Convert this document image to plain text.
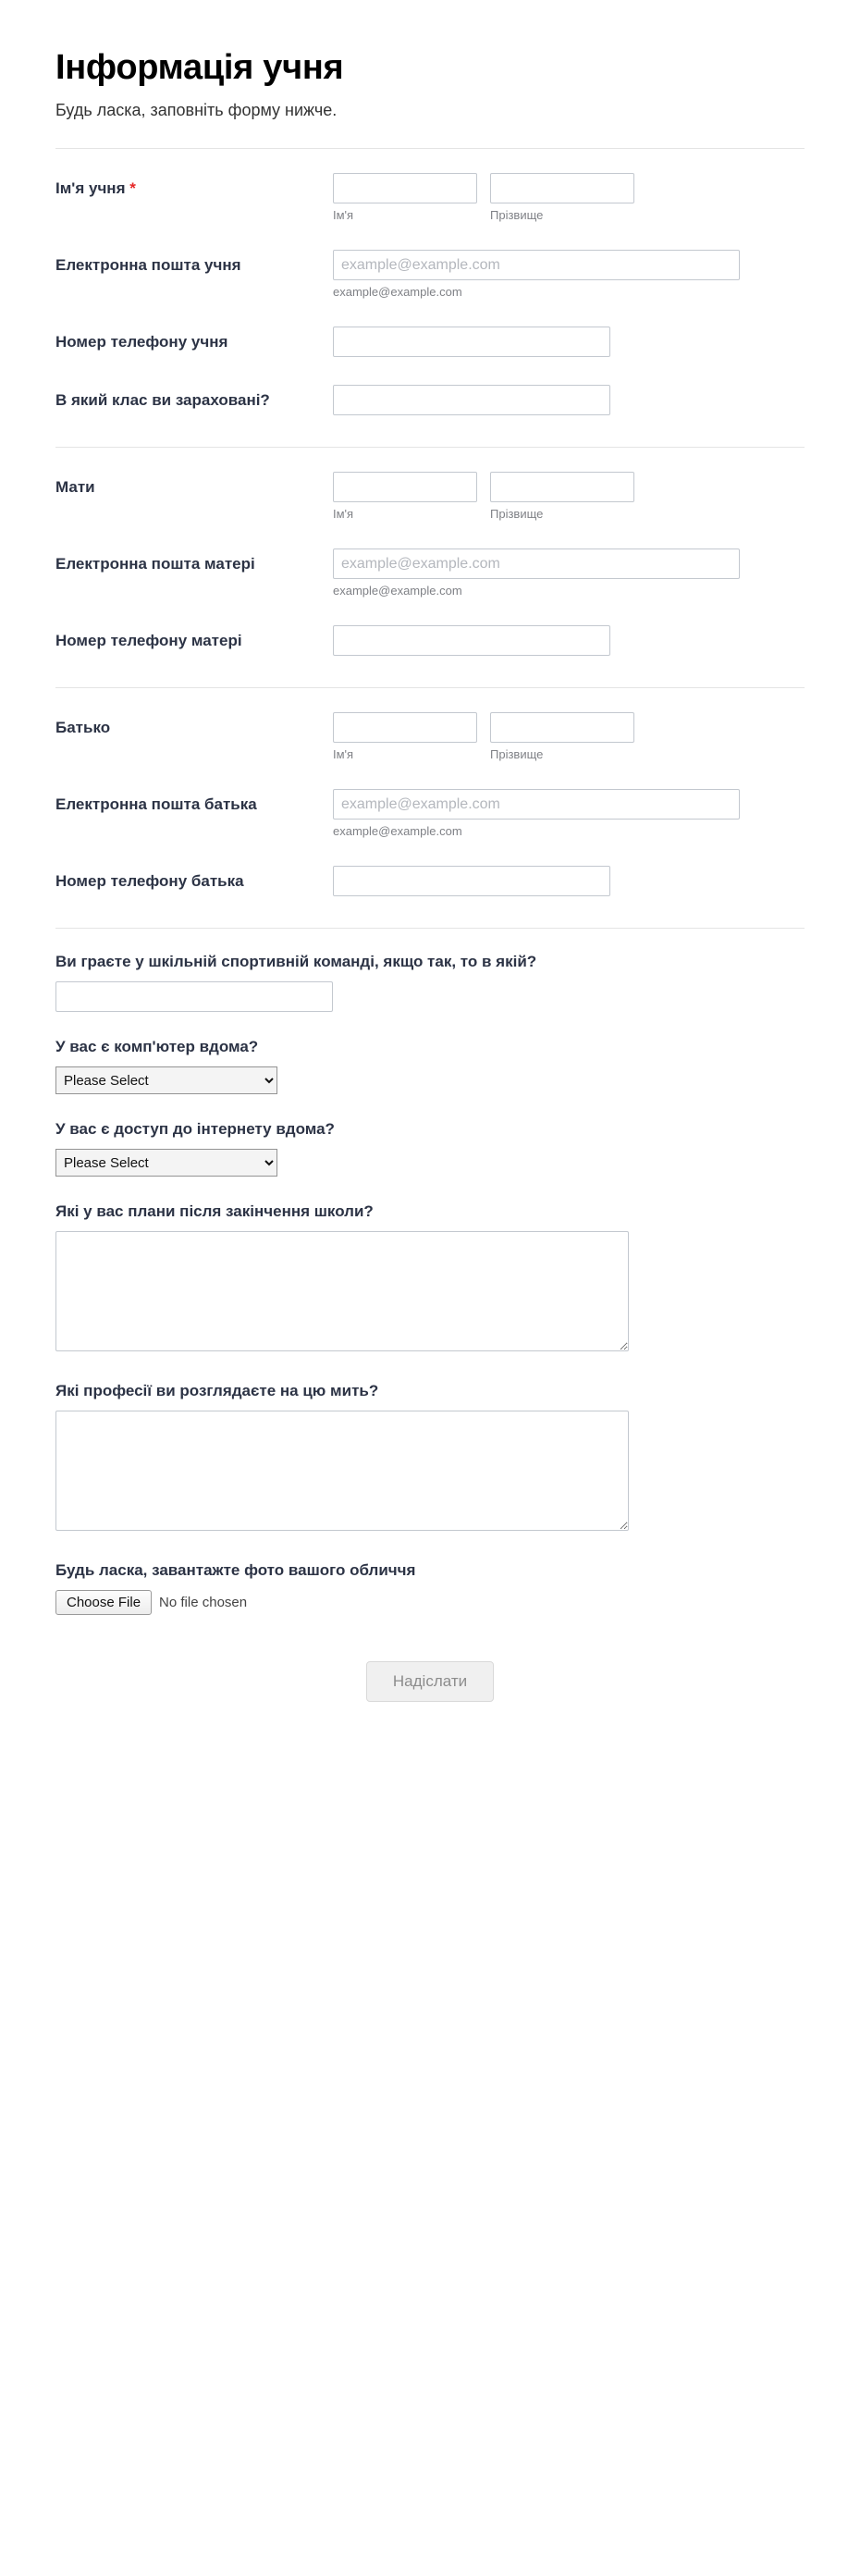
Інформація учня

Будь ласка, заповніть форму нижче.

Ім'я учня *
Ім'я	Прізвище
Електронна пошта учня
example@example.com
example@example.com
Номер телефону учня
В який клас ви зараховані?
Мати
Ім'я	Прізвище
Електронна пошта матері
example@example.com
example@example.com
Номер телефону матері
Батько
Ім'я	Прізвище
Електронна пошта батька
example@example.com
example@example.com
Номер телефону батька
Ви граєте у шкільній спортивній команді, якщо так, то в якій?
У вас є комп'ютер вдома?
Please Select
У вас є доступ до інтернету вдома?
Please Select
Які у вас плани після закінчення школи?
Які професії ви розглядаєте на цю мить?
Будь ласка, завантажте фото вашого обличчя
Choose File	No file chosen
Надіслати
